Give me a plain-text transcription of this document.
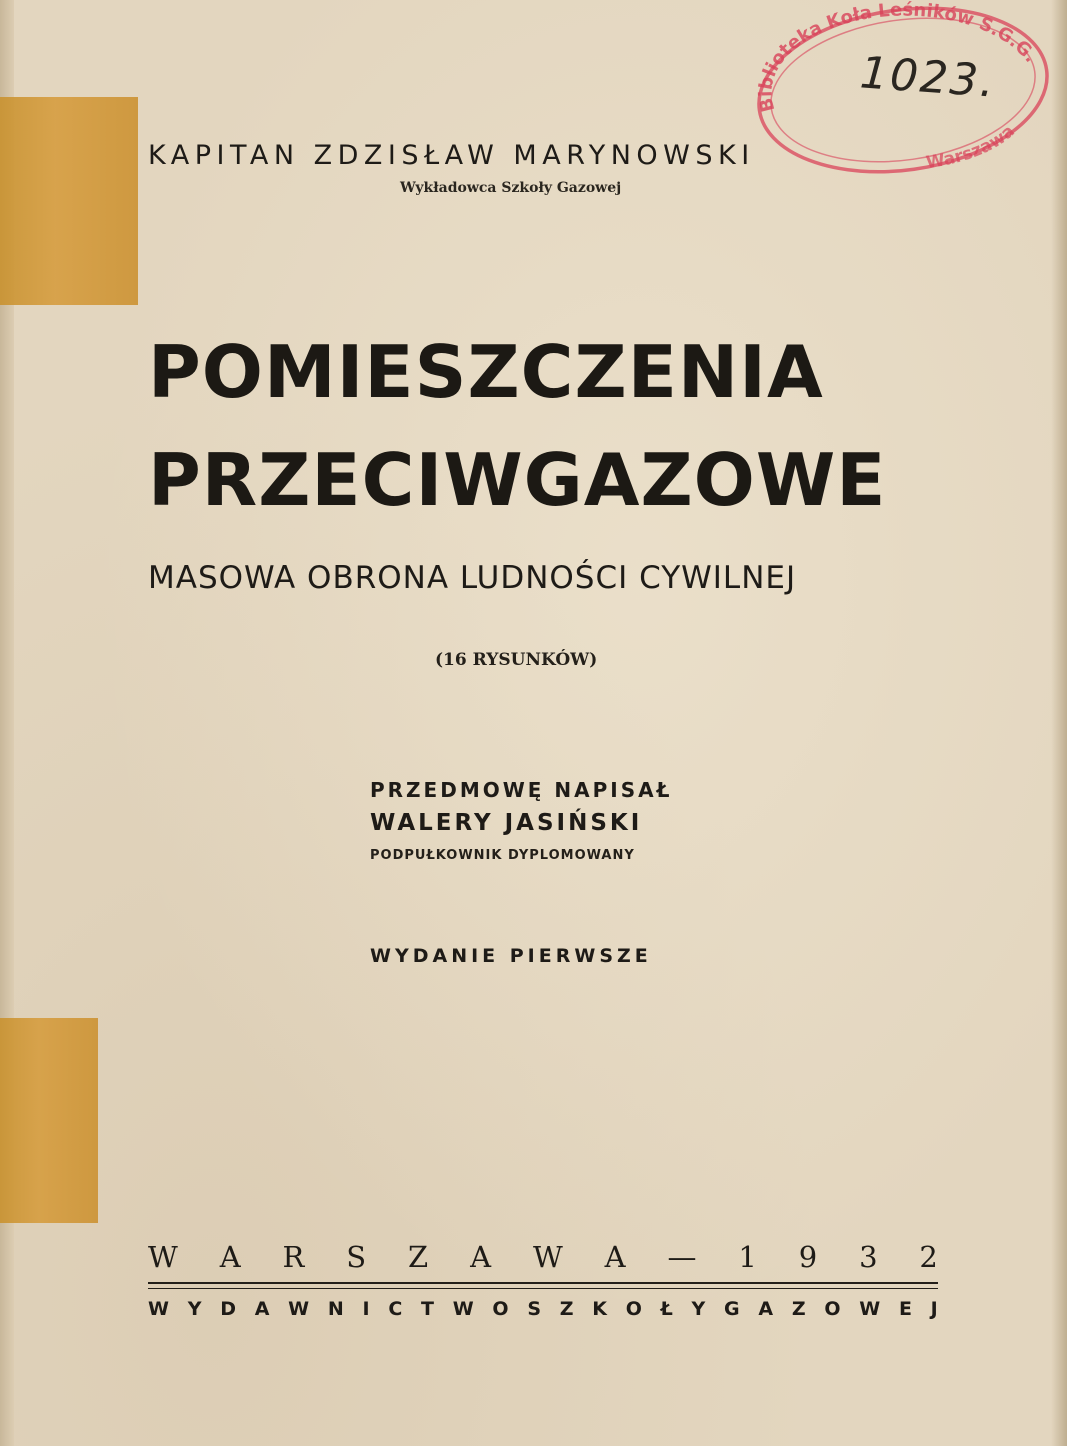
Biblioteka Koła Leśników S.G.G.
Warszawa
1023.
KAPITAN ZDZISŁAW MARYNOWSKI
Wykładowca Szkoły Gazowej
POMIESZCZENIA
PRZECIWGAZOWE
MASOWA OBRONA LUDNOŚCI CYWILNEJ
(16 RYSUNKÓW)
PRZEDMOWĘ NAPISAŁ
WALERY JASIŃSKI
PODPUŁKOWNIK DYPLOMOWANY
WYDANIE PIERWSZE
W A R S Z A W A — 1 9 3 2
W Y D A W N I C T W O S Z K O Ł Y G A Z O W E J
